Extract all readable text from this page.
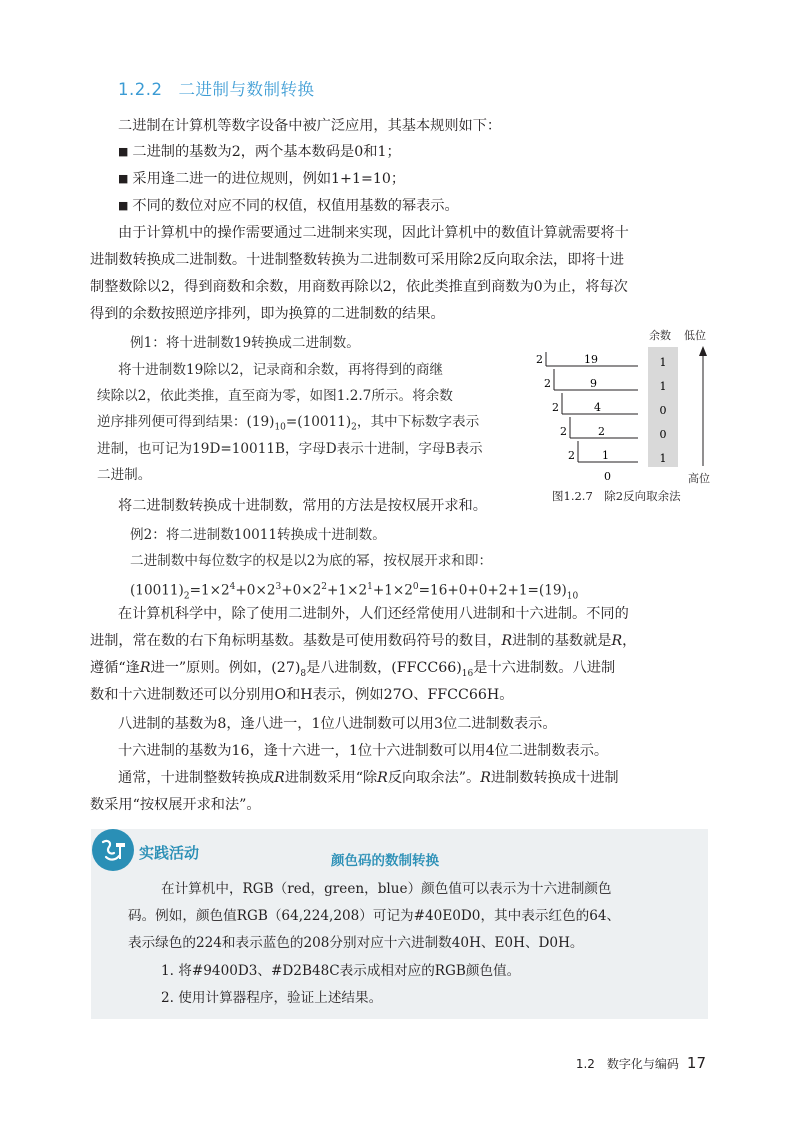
1.2.2 二进制与数制转换
二进制在计算机等数字设备中被广泛应用，其基本规则如下：
■ 二进制的基数为2，两个基本数码是0和1；
■ 采用逢二进一的进位规则，例如1+1=10；
■ 不同的数位对应不同的权值，权值用基数的幂表示。
由于计算机中的操作需要通过二进制来实现，因此计算机中的数值计算就需要将十
进制数转换成二进制数。十进制整数转换为二进制数可采用除2反向取余法，即将十进
制整数除以2，得到商数和余数，用商数再除以2，依此类推直到商数为0为止，将每次
得到的余数按照逆序排列，即为换算的二进制数的结果。
例1：将十进制数19转换成二进制数。
将十进制数19除以2，记录商和余数，再将得到的商继
续除以2，依此类推，直至商为零，如图1.2.7所示。将余数
逆序排列便可得到结果：$(19)_{10}=(10011)_2$，其中下标数字表示
进制，也可记为19D=10011B，字母D表示十进制，字母B表示
二进制。
余数 低位
高位
2	19	1
2	9	1
2	4	0
2	2	0
2 1	1
0
图1.2.7　除2反向取余法
将二进制数转换成十进制数，常用的方法是按权展开求和。
例2：将二进制数10011转换成十进制数。
二进制数中每位数字的权是以2为底的幂，按权展开求和即：
$(10011)_2=1\times 2^4+0\times 2^3+0\times 2^2+1\times 2^1+1\times 2^0=16+0+0+2+1=(19)_{10}$
在计算机科学中，除了使用二进制外，人们还经常使用八进制和十六进制。不同的
进制，常在数的右下角标明基数。基数是可使用数码符号的数目，R进制的基数就是R，
遵循“逢R进一”原则。例如，$(27)_8$是八进制数，$(FFCC66)_{16}$是十六进制数。八进制
数和十六进制数还可以分别用O和H表示，例如27O、FFCC66H。
八进制的基数为8，逢八进一，1位八进制数可以用3位二进制数表示。
十六进制的基数为16，逢十六进一，1位十六进制数可以用4位二进制数表示。
通常，十进制整数转换成R进制数采用“除R反向取余法”。R进制数转换成十进制
数采用“按权展开求和法”。
实践活动	颜色码的数制转换
在计算机中，RGB（red，green，blue）颜色值可以表示为十六进制颜色
码。例如，颜色值RGB（64,224,208）可记为#40E0D0，其中表示红色的64、
表示绿色的224和表示蓝色的208分别对应十六进制数40H、E0H、D0H。
1. 将#9400D3、#D2B48C表示成相对应的RGB颜色值。
2. 使用计算器程序，验证上述结果。
1.2　数字化与编码 17
